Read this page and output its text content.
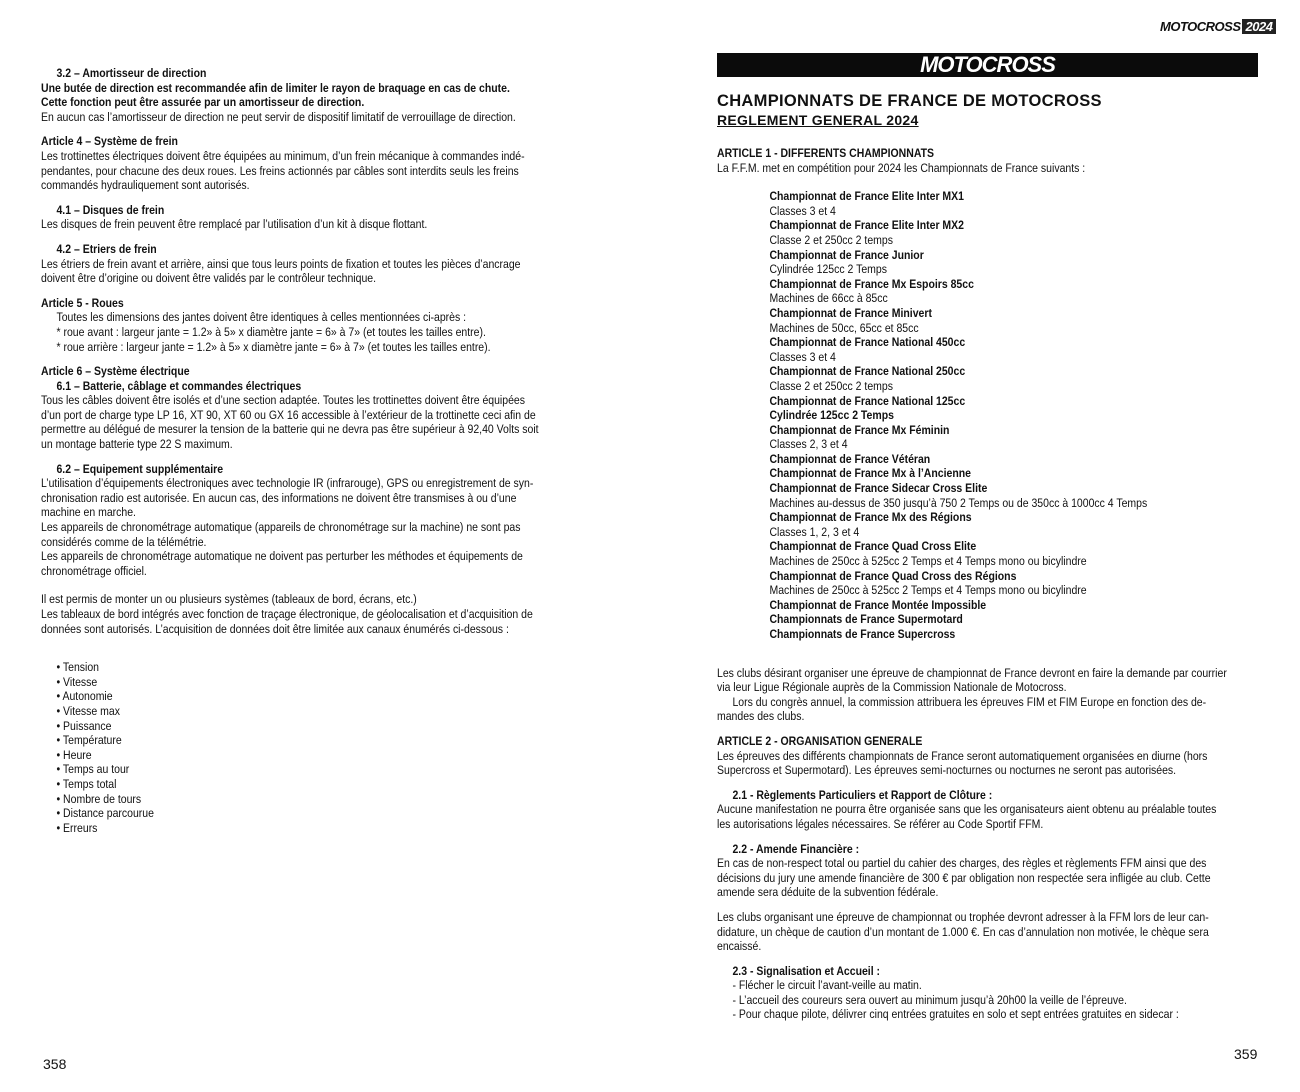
MOTOCROSS 2024

3.2 – Amortisseur de direction

Une butée de direction est recommandée afin de limiter le rayon de braquage en cas de chute.

Cette fonction peut être assurée par un amortisseur de direction.

En aucun cas l’amortisseur de direction ne peut servir de dispositif limitatif de verrouillage de direction.

Article 4 – Système de frein

Les trottinettes électriques doivent être équipées au minimum, d’un frein mécanique à commandes indé-

pendantes, pour chacune des deux roues. Les freins actionnés par câbles sont interdits seuls les freins

commandés hydrauliquement sont autorisés.

4.1 – Disques de frein

Les disques de frein peuvent être remplacé par l’utilisation d’un kit à disque flottant.

4.2 – Etriers de frein

Les étriers de frein avant et arrière, ainsi que tous leurs points de fixation et toutes les pièces d’ancrage

doivent être d’origine ou doivent être validés par le contrôleur technique.

Article 5 - Roues

Toutes les dimensions des jantes doivent être identiques à celles mentionnées ci-après :

* roue avant : largeur jante = 1.2» à 5» x diamètre jante = 6» à 7» (et toutes les tailles entre).

* roue arrière : largeur jante = 1.2» à 5» x diamètre jante = 6» à 7» (et toutes les tailles entre).

Article 6 – Système électrique

6.1 – Batterie, câblage et commandes électriques

Tous les câbles doivent être isolés et d’une section adaptée. Toutes les trottinettes doivent être équipées

d’un port de charge type LP 16, XT 90, XT 60 ou GX 16 accessible à l’extérieur de la trottinette ceci afin de

permettre au délégué de mesurer la tension de la batterie qui ne devra pas être supérieur à 92,40 Volts soit

un montage batterie type 22 S maximum.

6.2 – Equipement supplémentaire

L’utilisation d’équipements électroniques avec technologie IR (infrarouge), GPS ou enregistrement de syn-

chronisation radio est autorisée. En aucun cas, des informations ne doivent être transmises à ou d’une

machine en marche.

Les appareils de chronométrage automatique (appareils de chronométrage sur la machine) ne sont pas

considérés comme de la télémétrie.

Les appareils de chronométrage automatique ne doivent pas perturber les méthodes et équipements de

chronométrage officiel.

Il est permis de monter un ou plusieurs systèmes (tableaux de bord, écrans, etc.)

Les tableaux de bord intégrés avec fonction de traçage électronique, de géolocalisation et d’acquisition de

données sont autorisés. L’acquisition de données doit être limitée aux canaux énumérés ci-dessous :

• Tension

• Vitesse

• Autonomie

• Vitesse max

• Puissance

• Température

• Heure

• Temps au tour

• Temps total

• Nombre de tours

• Distance parcourue

• Erreurs

358
MOTOCROSS
CHAMPIONNATS DE FRANCE DE MOTOCROSS
REGLEMENT GENERAL 2024

ARTICLE 1 - DIFFERENTS CHAMPIONNATS

La F.F.M. met en compétition pour 2024 les Championnats de France suivants :

Championnat de France Elite Inter MX1

Classes 3 et 4

Championnat de France Elite Inter MX2

Classe 2 et 250cc 2 temps

Championnat de France Junior

Cylindrée 125cc 2 Temps

Championnat de France Mx Espoirs 85cc

Machines de 66cc à 85cc

Championnat de France Minivert

Machines de 50cc, 65cc et 85cc

Championnat de France National 450cc

Classes 3 et 4

Championnat de France National 250cc

Classe 2 et 250cc 2 temps

Championnat de France National 125cc

Cylindrée 125cc 2 Temps

Championnat de France Mx Féminin

Classes 2, 3 et 4

Championnat de France Vétéran

Championnat de France Mx à l’Ancienne

Championnat de France Sidecar Cross Elite

Machines au-dessus de 350 jusqu’à 750 2 Temps ou de 350cc à 1000cc 4 Temps

Championnat de France Mx des Régions

Classes 1, 2, 3 et 4

Championnat de France Quad Cross Elite

Machines de 250cc à 525cc 2 Temps et 4 Temps mono ou bicylindre

Championnat de France Quad Cross des Régions

Machines de 250cc à 525cc 2 Temps et 4 Temps mono ou bicylindre

Championnat de France Montée Impossible

Championnats de France Supermotard

Championnats de France Supercross

Les clubs désirant organiser une épreuve de championnat de France devront en faire la demande par courrier

via leur Ligue Régionale auprès de la Commission Nationale de Motocross.

Lors du congrès annuel, la commission attribuera les épreuves FIM et FIM Europe en fonction des de-

mandes des clubs.

ARTICLE 2 - ORGANISATION GENERALE

Les épreuves des différents championnats de France seront automatiquement organisées en diurne (hors

Supercross et Supermotard). Les épreuves semi-nocturnes ou nocturnes ne seront pas autorisées.

2.1 - Règlements Particuliers et Rapport de Clôture :

Aucune manifestation ne pourra être organisée sans que les organisateurs aient obtenu au préalable toutes

les autorisations légales nécessaires. Se référer au Code Sportif FFM.

2.2 - Amende Financière :

En cas de non-respect total ou partiel du cahier des charges, des règles et règlements FFM ainsi que des

décisions du jury une amende financière de 300 € par obligation non respectée sera infligée au club. Cette

amende sera déduite de la subvention fédérale.

Les clubs organisant une épreuve de championnat ou trophée devront adresser à la FFM lors de leur can-

didature, un chèque de caution d’un montant de 1.000 €. En cas d’annulation non motivée, le chèque sera

encaissé.

2.3 - Signalisation et Accueil :

- Flécher le circuit l’avant-veille au matin.

- L’accueil des coureurs sera ouvert au minimum jusqu’à 20h00 la veille de l’épreuve.

- Pour chaque pilote, délivrer cinq entrées gratuites en solo et sept entrées gratuites en sidecar :

359
